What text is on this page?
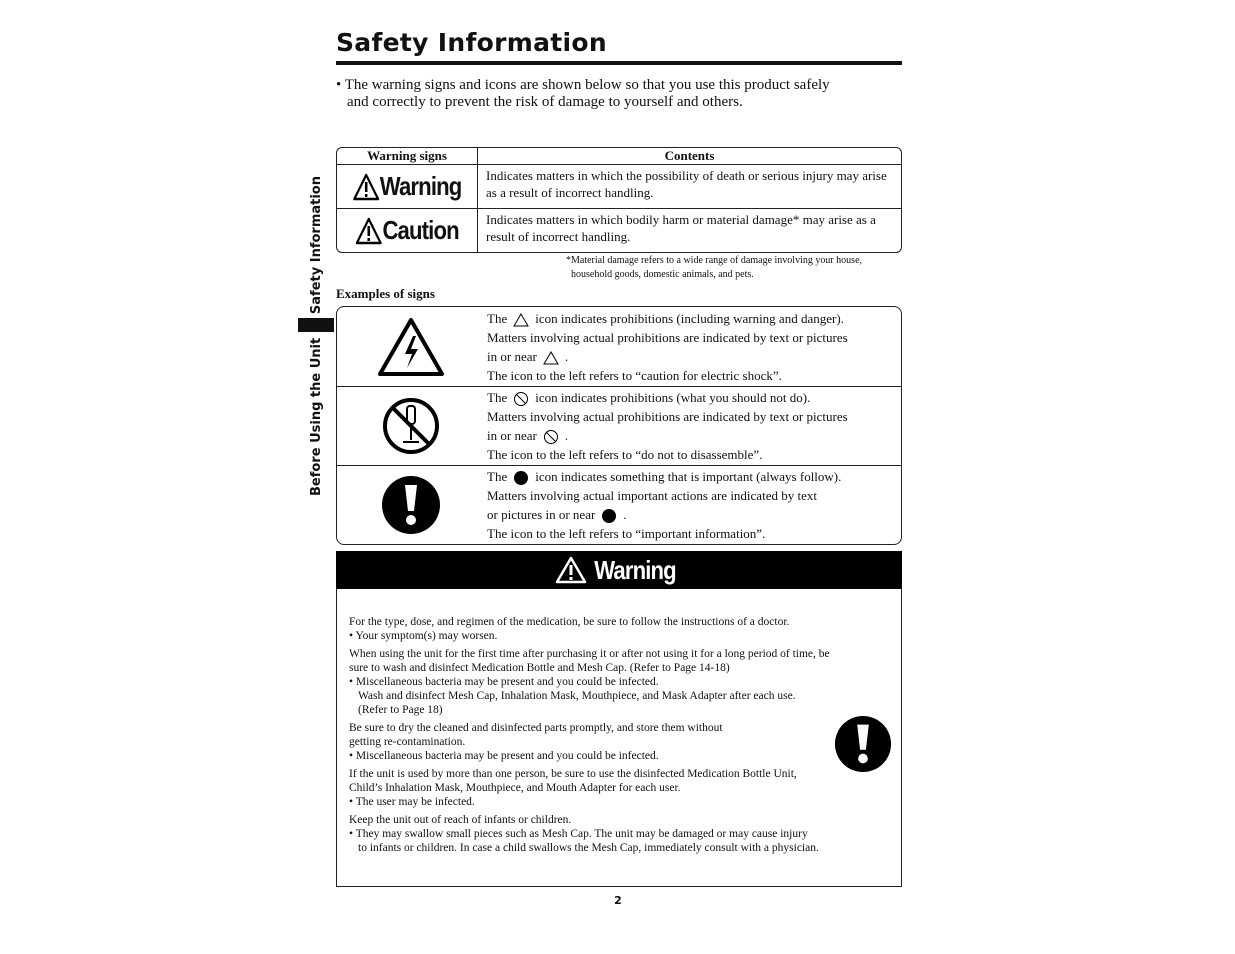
Safety Information
• The warning signs and icons are shown below so that you use this product safely
and correctly to prevent the risk of damage to yourself and others.
Before Using the Unit
Safety Information
Warning signs	Contents

Warning	Indicates matters in which the possibility of death or serious injury may arise as a result of incorrect handling.

Caution	Indicates matters in which bodily harm or material damage* may arise as a result of incorrect handling.
*Material damage refers to a wide range of damage involving your house,
household goods, domestic animals, and pets.
Examples of signs
The icon indicates prohibitions (including warning and danger).
Matters involving actual prohibitions are indicated by text or pictures
in or near .
The icon to the left refers to “caution for electric shock”.
The icon indicates prohibitions (what you should not do).
Matters involving actual prohibitions are indicated by text or pictures
in or near .
The icon to the left refers to “do not to disassemble”.
The icon indicates something that is important (always follow).
Matters involving actual important actions are indicated by text
or pictures in or near .
The icon to the left refers to “important information”.
Warning

For the type, dose, and regimen of the medication, be sure to follow the instructions of a doctor.
• Your symptom(s) may worsen.

When using the unit for the first time after purchasing it or after not using it for a long period of time, be sure to wash and disinfect Medication Bottle and Mesh Cap. (Refer to Page 14-18)
• Miscellaneous bacteria may be present and you could be infected.
Wash and disinfect Mesh Cap, Inhalation Mask, Mouthpiece, and Mask Adapter after each use.
(Refer to Page 18)

Be sure to dry the cleaned and disinfected parts promptly, and store them without
getting re-contamination.
• Miscellaneous bacteria may be present and you could be infected.

If the unit is used by more than one person, be sure to use the disinfected Medication Bottle Unit,
Child’s Inhalation Mask, Mouthpiece, and Mouth Adapter for each user.
• The user may be infected.

Keep the unit out of reach of infants or children.
• They may swallow small pieces such as Mesh Cap. The unit may be damaged or may cause injury
to infants or children. In case a child swallows the Mesh Cap, immediately consult with a physician.

2
